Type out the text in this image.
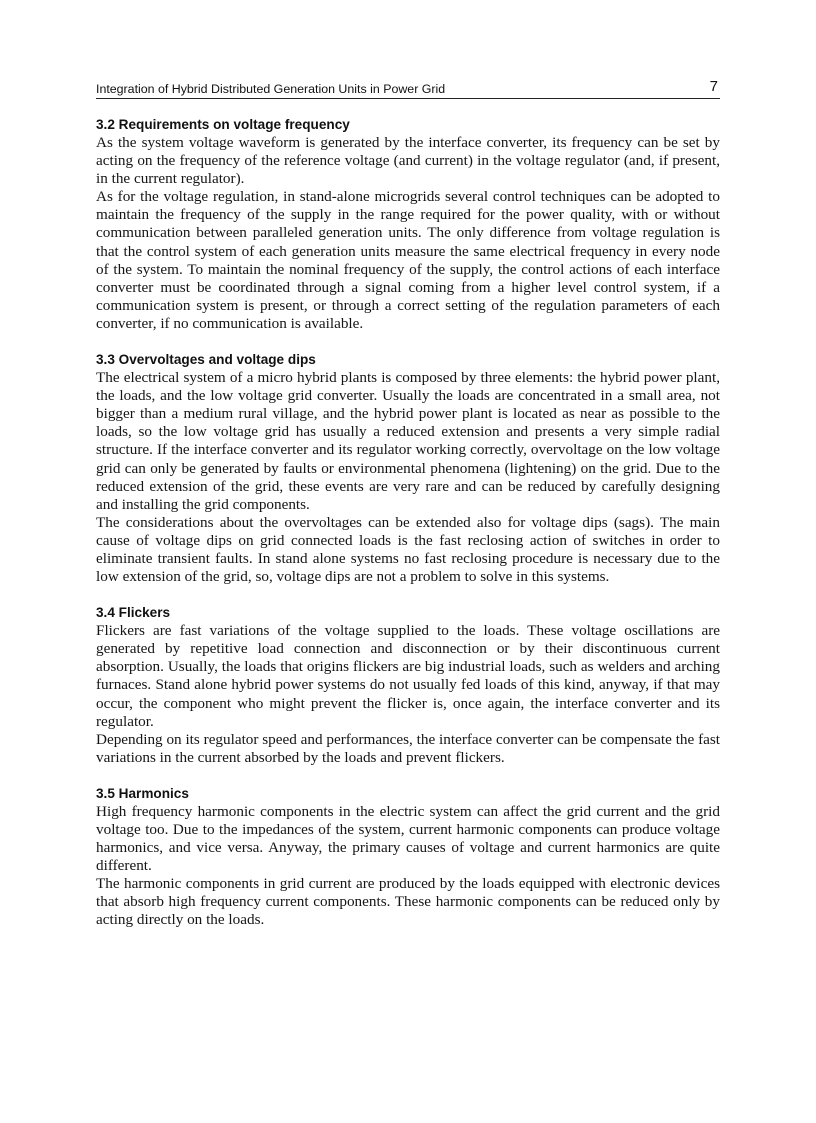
Integration of Hybrid Distributed Generation Units in Power Grid	7
3.2 Requirements on voltage frequency

As the system voltage waveform is generated by the interface converter, its frequency can be set by acting on the frequency of the reference voltage (and current) in the voltage regulator (and, if present, in the current regulator).

As for the voltage regulation, in stand-alone microgrids several control techniques can be adopted to maintain the frequency of the supply in the range required for the power quality, with or without communication between paralleled generation units. The only difference from voltage regulation is that the control system of each generation units measure the same electrical frequency in every node of the system. To maintain the nominal frequency of the supply, the control actions of each interface converter must be coordinated through a signal coming from a higher level control system, if a communication system is present, or through a correct setting of the regulation parameters of each converter, if no communication is available.

3.3 Overvoltages and voltage dips

The electrical system of a micro hybrid plants is composed by three elements: the hybrid power plant, the loads, and the low voltage grid converter. Usually the loads are concentrated in a small area, not bigger than a medium rural village, and the hybrid power plant is located as near as possible to the loads, so the low voltage grid has usually a reduced extension and presents a very simple radial structure. If the interface converter and its regulator working correctly, overvoltage on the low voltage grid can only be generated by faults or environmental phenomena (lightening) on the grid. Due to the reduced extension of the grid, these events are very rare and can be reduced by carefully designing and installing the grid components.

The considerations about the overvoltages can be extended also for voltage dips (sags). The main cause of voltage dips on grid connected loads is the fast reclosing action of switches in order to eliminate transient faults. In stand alone systems no fast reclosing procedure is necessary due to the low extension of the grid, so, voltage dips are not a problem to solve in this systems.

3.4 Flickers

Flickers are fast variations of the voltage supplied to the loads. These voltage oscillations are generated by repetitive load connection and disconnection or by their discontinuous current absorption. Usually, the loads that origins flickers are big industrial loads, such as welders and arching furnaces. Stand alone hybrid power systems do not usually fed loads of this kind, anyway, if that may occur, the component who might prevent the flicker is, once again, the interface converter and its regulator.

Depending on its regulator speed and performances, the interface converter can be compensate the fast variations in the current absorbed by the loads and prevent flickers.

3.5 Harmonics

High frequency harmonic components in the electric system can affect the grid current and the grid voltage too. Due to the impedances of the system, current harmonic components can produce voltage harmonics, and vice versa. Anyway, the primary causes of voltage and current harmonics are quite different.

The harmonic components in grid current are produced by the loads equipped with electronic devices that absorb high frequency current components. These harmonic components can be reduced only by acting directly on the loads.
